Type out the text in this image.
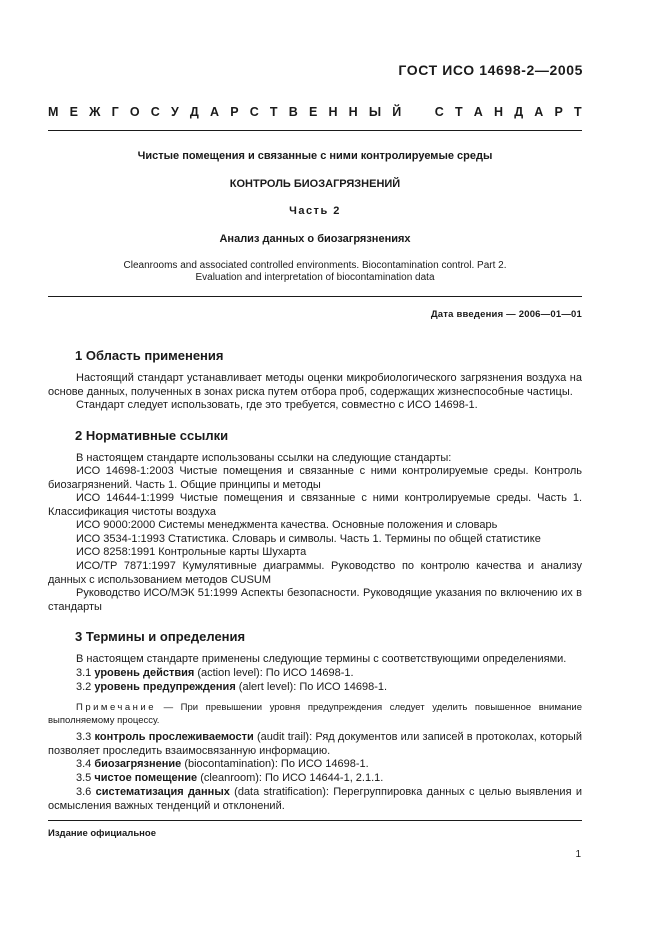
ГОСТ ИСО 14698-2—2005
М Е Ж Г О С У Д А Р С Т В Е Н Н Ы Й	С Т А Н Д А Р Т
Чистые помещения и связанные с ними контролируемые среды
КОНТРОЛЬ БИОЗАГРЯЗНЕНИЙ
Часть 2
Анализ данных о биозагрязнениях
Cleanrooms and associated controlled environments. Biocontamination control. Part 2.
Evaluation and interpretation of biocontamination data
Дата введения — 2006—01—01
1 Область применения
Настоящий стандарт устанавливает методы оценки микробиологического загрязнения воздуха на основе данных, полученных в зонах риска путем отбора проб, содержащих жизнеспособные частицы.
Стандарт следует использовать, где это требуется, совместно с ИСО 14698-1.
2 Нормативные ссылки
В настоящем стандарте использованы ссылки на следующие стандарты:
ИСО 14698-1:2003 Чистые помещения и связанные с ними контролируемые среды. Контроль биозагрязнений. Часть 1. Общие принципы и методы
ИСО 14644-1:1999 Чистые помещения и связанные с ними контролируемые среды. Часть 1. Классификация чистоты воздуха
ИСО 9000:2000 Системы менеджмента качества. Основные положения и словарь
ИСО 3534-1:1993 Статистика. Словарь и символы. Часть 1. Термины по общей статистике
ИСО 8258:1991 Контрольные карты Шухарта
ИСО/ТР 7871:1997 Кумулятивные диаграммы. Руководство по контролю качества и анализу данных с использованием методов CUSUM
Руководство ИСО/МЭК 51:1999 Аспекты безопасности. Руководящие указания по включению их в стандарты
3 Термины и определения
В настоящем стандарте применены следующие термины с соответствующими определениями.
3.1 уровень действия (action level): По ИСО 14698-1.
3.2 уровень предупреждения (alert level): По ИСО 14698-1.
Примечание — При превышении уровня предупреждения следует уделить повышенное внимание выполняемому процессу.
3.3 контроль прослеживаемости (audit trail): Ряд документов или записей в протоколах, который позволяет проследить взаимосвязанную информацию.
3.4 биозагрязнение (biocontamination): По ИСО 14698-1.
3.5 чистое помещение (cleanroom): По ИСО 14644-1, 2.1.1.
3.6 систематизация данных (data stratification): Перегруппировка данных с целью выявления и осмысления важных тенденций и отклонений.
Издание официальное
1
